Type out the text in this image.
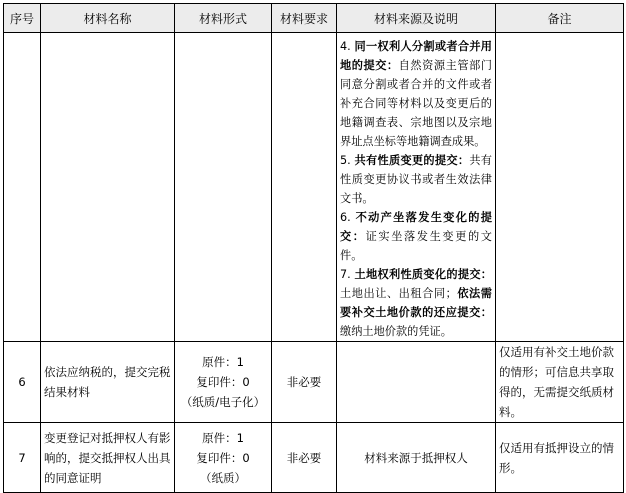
序号	材料名称	材料形式	材料要求	材料来源及说明	备注

				4. 同一权利人分割或者合并用地的提交：自然资源主管部门同意分割或者合并的文件或者补充合同等材料以及变更后的地籍调查表、宗地图以及宗地界址点坐标等地籍调查成果。
5. 共有性质变更的提交：共有性质变更协议书或者生效法律文书。
6. 不动产坐落发生变化的提交：证实坐落发生变更的文件。
7. 土地权利性质变化的提交：土地出让、出租合同；依法需要补交土地价款的还应提交：缴纳土地价款的凭证。	

6	依法应纳税的，提交完税结果材料	原件：1
复印件：0
（纸质/电子化）	非必要		仅适用有补交土地价款的情形；可信息共享取得的，无需提交纸质材料。
7	变更登记对抵押权人有影响的，提交抵押权人出具的同意证明	原件：1
复印件：0
（纸质）	非必要	材料来源于抵押权人	仅适用有抵押设立的情形。
